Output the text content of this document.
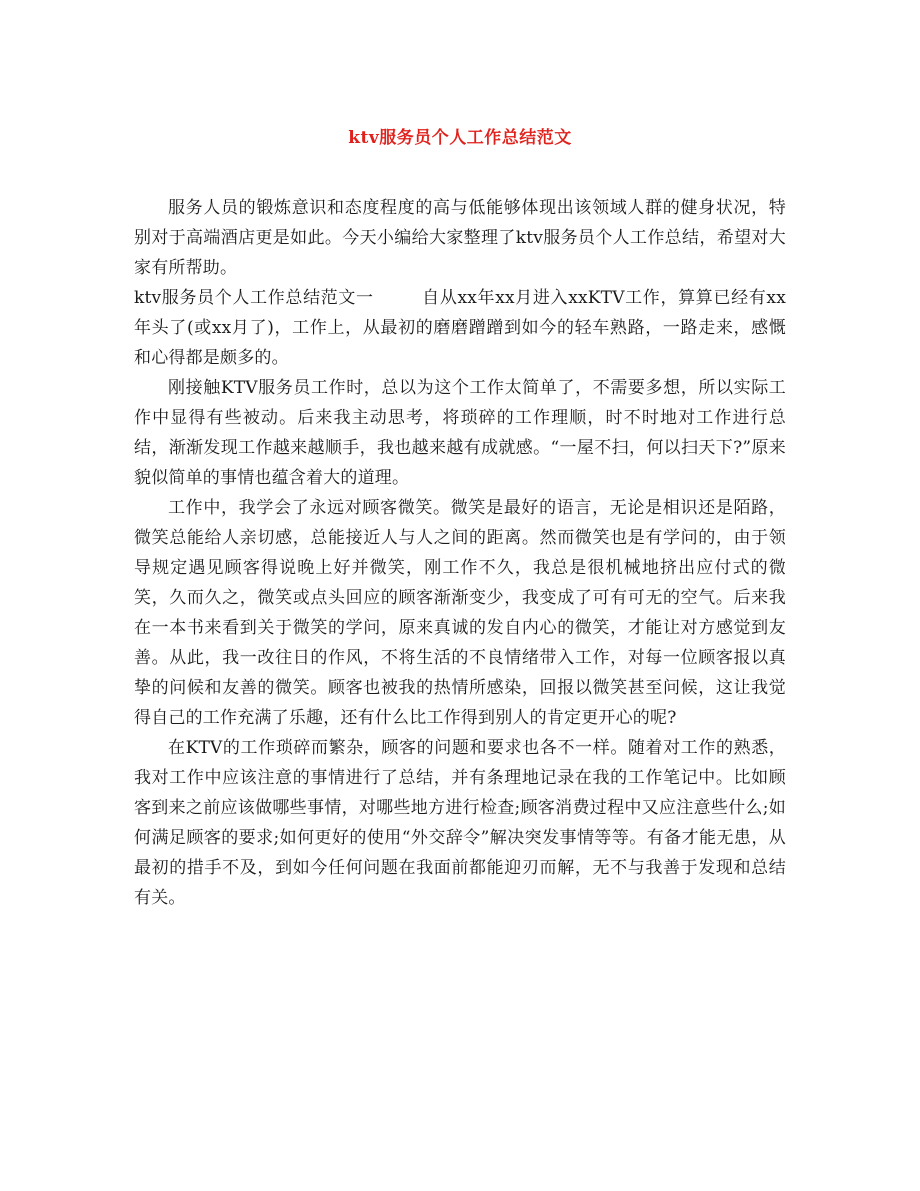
ktv服务员个人工作总结范文

服务人员的锻炼意识和态度程度的高与低能够体现出该领域人群的健身状况，特别对于高端酒店更是如此。今天小编给大家整理了ktv服务员个人工作总结，希望对大家有所帮助。

ktv服务员个人工作总结范文一	自从xx年xx月进入xxKTV工作，算算已经有xx年头了(或xx月了)，工作上，从最初的磨磨蹭蹭到如今的轻车熟路，一路走来，感慨和心得都是颇多的。

刚接触KTV服务员工作时，总以为这个工作太简单了，不需要多想，所以实际工作中显得有些被动。后来我主动思考，将琐碎的工作理顺，时不时地对工作进行总结，渐渐发现工作越来越顺手，我也越来越有成就感。“一屋不扫，何以扫天下?”原来貌似简单的事情也蕴含着大的道理。

工作中，我学会了永远对顾客微笑。微笑是最好的语言，无论是相识还是陌路，微笑总能给人亲切感，总能接近人与人之间的距离。然而微笑也是有学问的，由于领导规定遇见顾客得说晚上好并微笑，刚工作不久，我总是很机械地挤出应付式的微笑，久而久之，微笑或点头回应的顾客渐渐变少，我变成了可有可无的空气。后来我在一本书来看到关于微笑的学问，原来真诚的发自内心的微笑，才能让对方感觉到友善。从此，我一改往日的作风，不将生活的不良情绪带入工作，对每一位顾客报以真挚的问候和友善的微笑。顾客也被我的热情所感染，回报以微笑甚至问候，这让我觉得自己的工作充满了乐趣，还有什么比工作得到别人的肯定更开心的呢?

在KTV的工作琐碎而繁杂，顾客的问题和要求也各不一样。随着对工作的熟悉，我对工作中应该注意的事情进行了总结，并有条理地记录在我的工作笔记中。比如顾客到来之前应该做哪些事情，对哪些地方进行检查;顾客消费过程中又应注意些什么;如何满足顾客的要求;如何更好的使用“外交辞令”解决突发事情等等。有备才能无患，从最初的措手不及，到如今任何问题在我面前都能迎刃而解，无不与我善于发现和总结有关。
